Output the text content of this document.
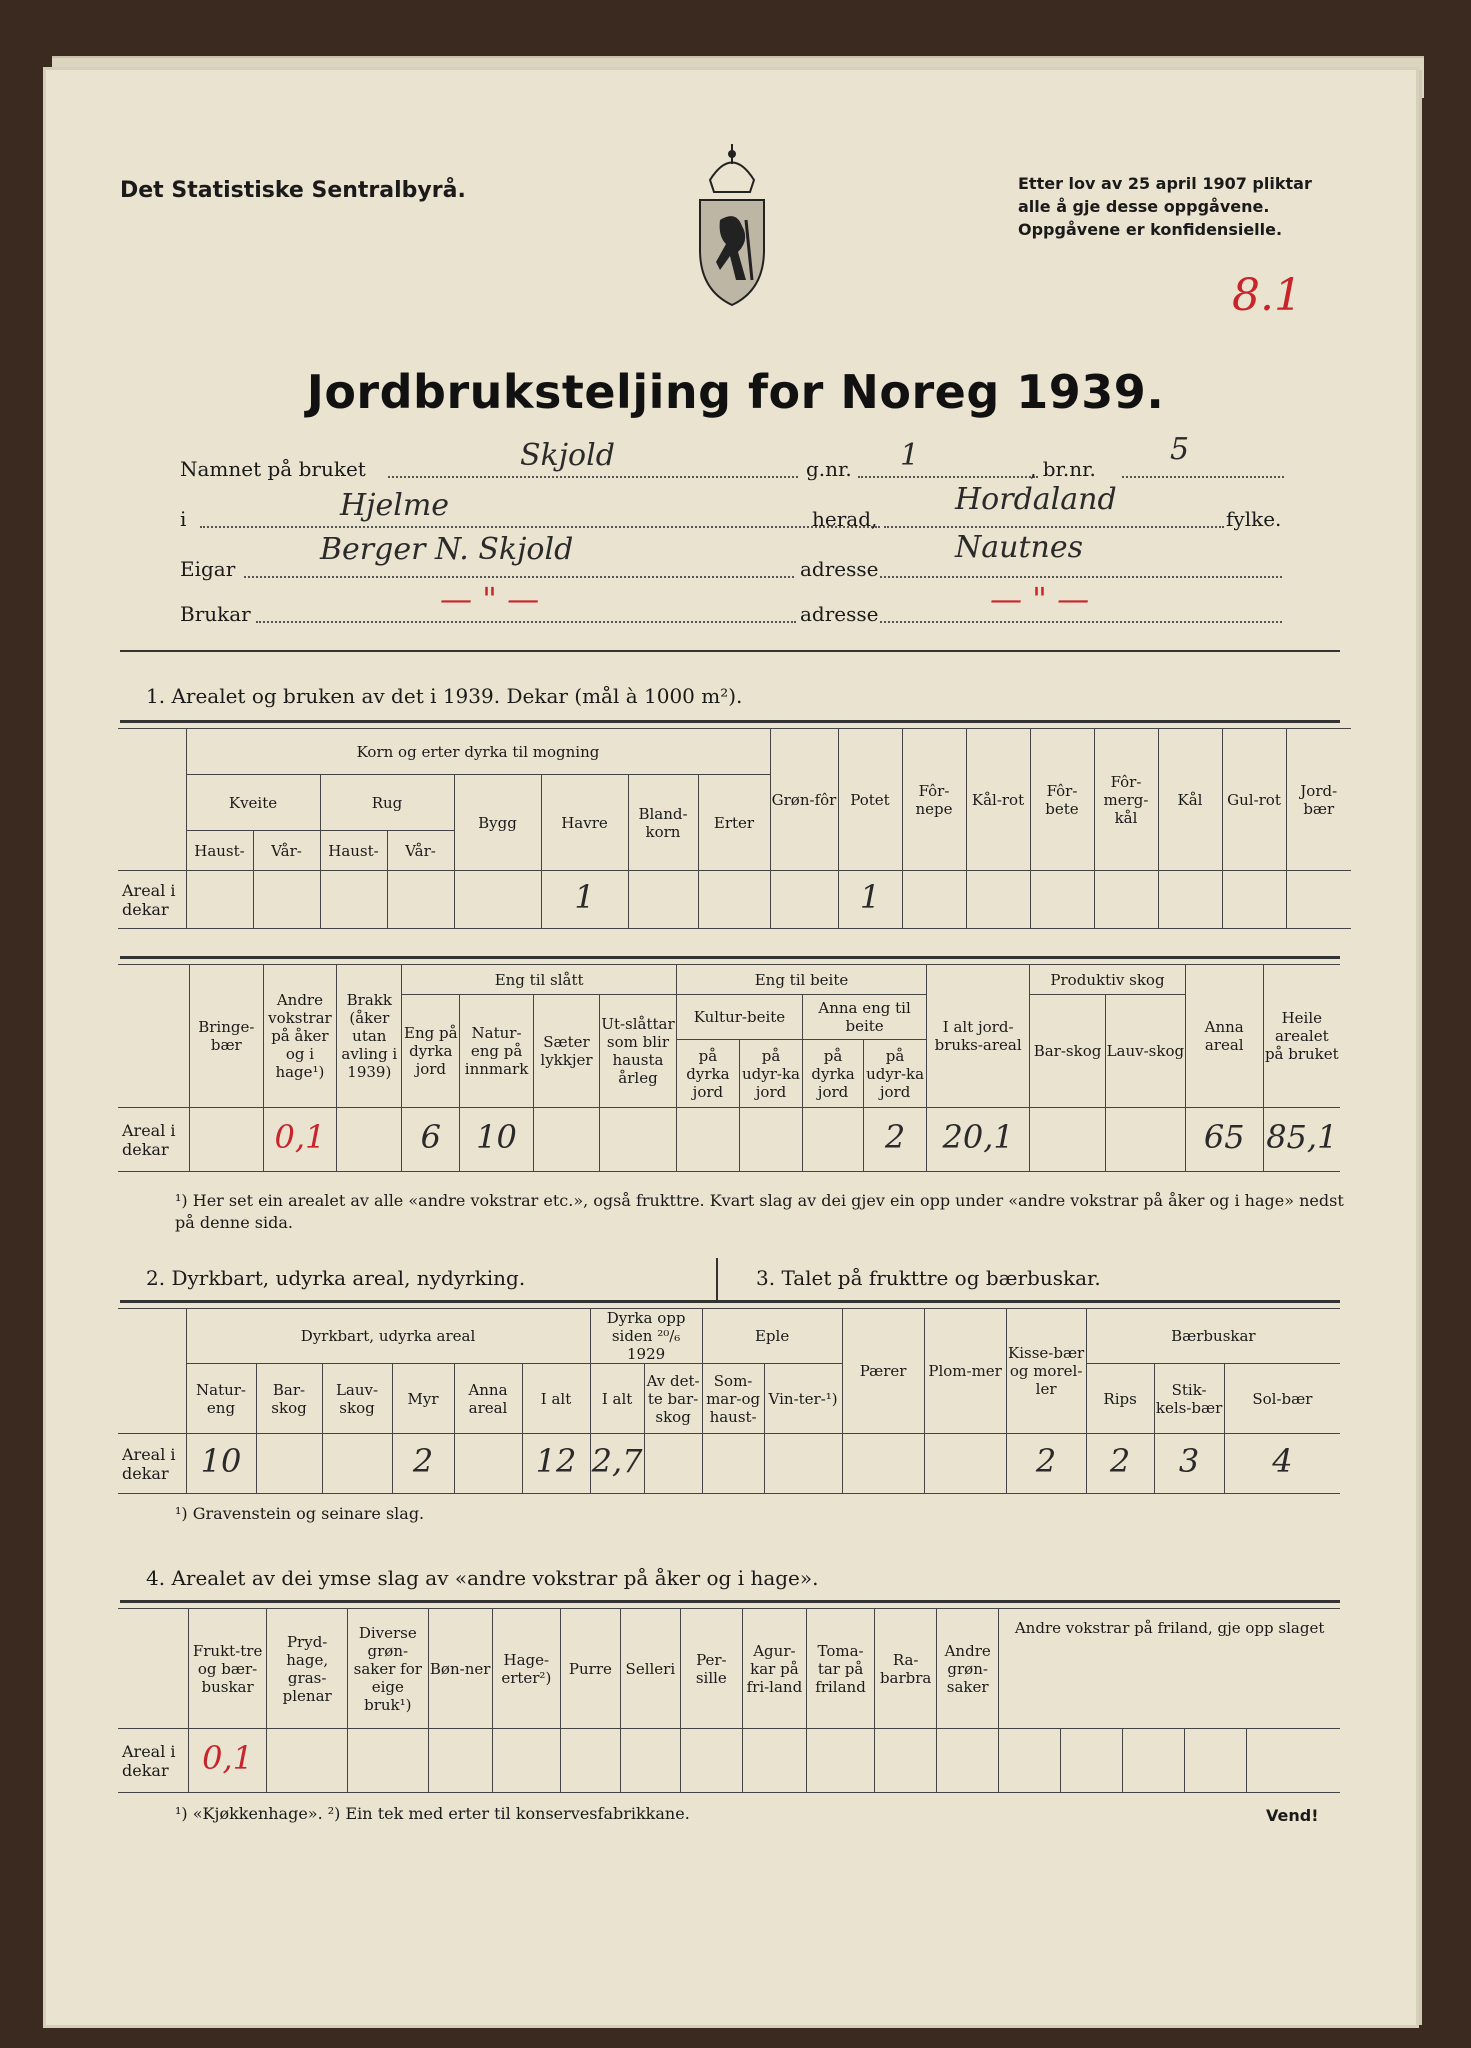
Det Statistiske Sentralbyrå.	Etter lov av 25 april 1907 pliktar
alle å gje desse oppgåvene.
Oppgåvene er konfidensielle.
8.1
Jordbruksteljing for Noreg 1939.
Namnet på bruket	Skjold	g.nr. 1	, br.nr.
5
i	Hjelme	herad,
Hordaland
fylke.
Eigar
Berger N. Skjold
adresse
Nautnes
Brukar	— " —	adresse	— " —
1. Arealet og bruken av det i 1939. Dekar (mål à 1000 m²).
	Korn og erter dyrka til mogning								Grøn-fôr	Potet	Fôr-nepe	Kål-rot	Fôr-bete	Fôr-merg-kål	Kål	Gul-rot	Jord-bær
	Kveite		Rug		Bygg	Havre	Bland-korn	Erter									
	Haust-	Vår-	Haust-	Vår-													
Areal i dekar						1				1							
	Bringe-bær	Andre vokstrar på åker og i hage¹)	Brakk (åker utan avling i 1939)	Eng til slått				Eng til beite				I alt jord-bruks-areal	Produktiv skog		Anna areal	Heile arealet på bruket
				Eng på dyrka jord	Natur-eng på innmark	Sæter lykkjer	Ut-slåttar som blir hausta årleg	Kultur-beite		Anna eng til beite			Bar-skog	Lauv-skog		
								på dyrka jord	på udyr-ka jord	på dyrka jord	på udyr-ka jord					
Areal i dekar		0,1		6	10						2	20,1			65	85,1
¹) Her set ein arealet av alle «andre vokstrar etc.», også frukttre. Kvart slag av dei gjev ein opp under «andre vokstrar på åker og i hage» nedst på denne sida.
2. Dyrkbart, udyrka areal, nydyrking.	3. Talet på frukttre og bærbuskar.
	Dyrkbart, udyrka areal						Dyrka opp siden ²⁰/₆ 1929		Eple		Pærer	Plom-mer	Kisse-bær og morel-ler	Bærbuskar		
	Natur-eng	Bar-skog	Lauv-skog	Myr	Anna areal	I alt	I alt	Av det-te bar-skog	Som-mar-og haust-	Vin-ter-¹)				Rips	Stik-kels-bær	Sol-bær
Areal i dekar	10			2		12	2,7						2	2	3	4
¹) Gravenstein og seinare slag.
4. Arealet av dei ymse slag av «andre vokstrar på åker og i hage».
	Frukt-tre og bær-buskar	Pryd-hage, gras-plenar	Diverse grøn-saker for eige bruk¹)	Bøn-ner	Hage-erter²)	Purre	Selleri	Per-sille	Agur-kar på fri-land	Toma-tar på friland	Ra-barbra	Andre grøn-saker	Andre vokstrar på friland, gje opp slaget				
Areal i dekar	0,1																
¹) «Kjøkkenhage». ²) Ein tek med erter til konservesfabrikkane.	Vend!
